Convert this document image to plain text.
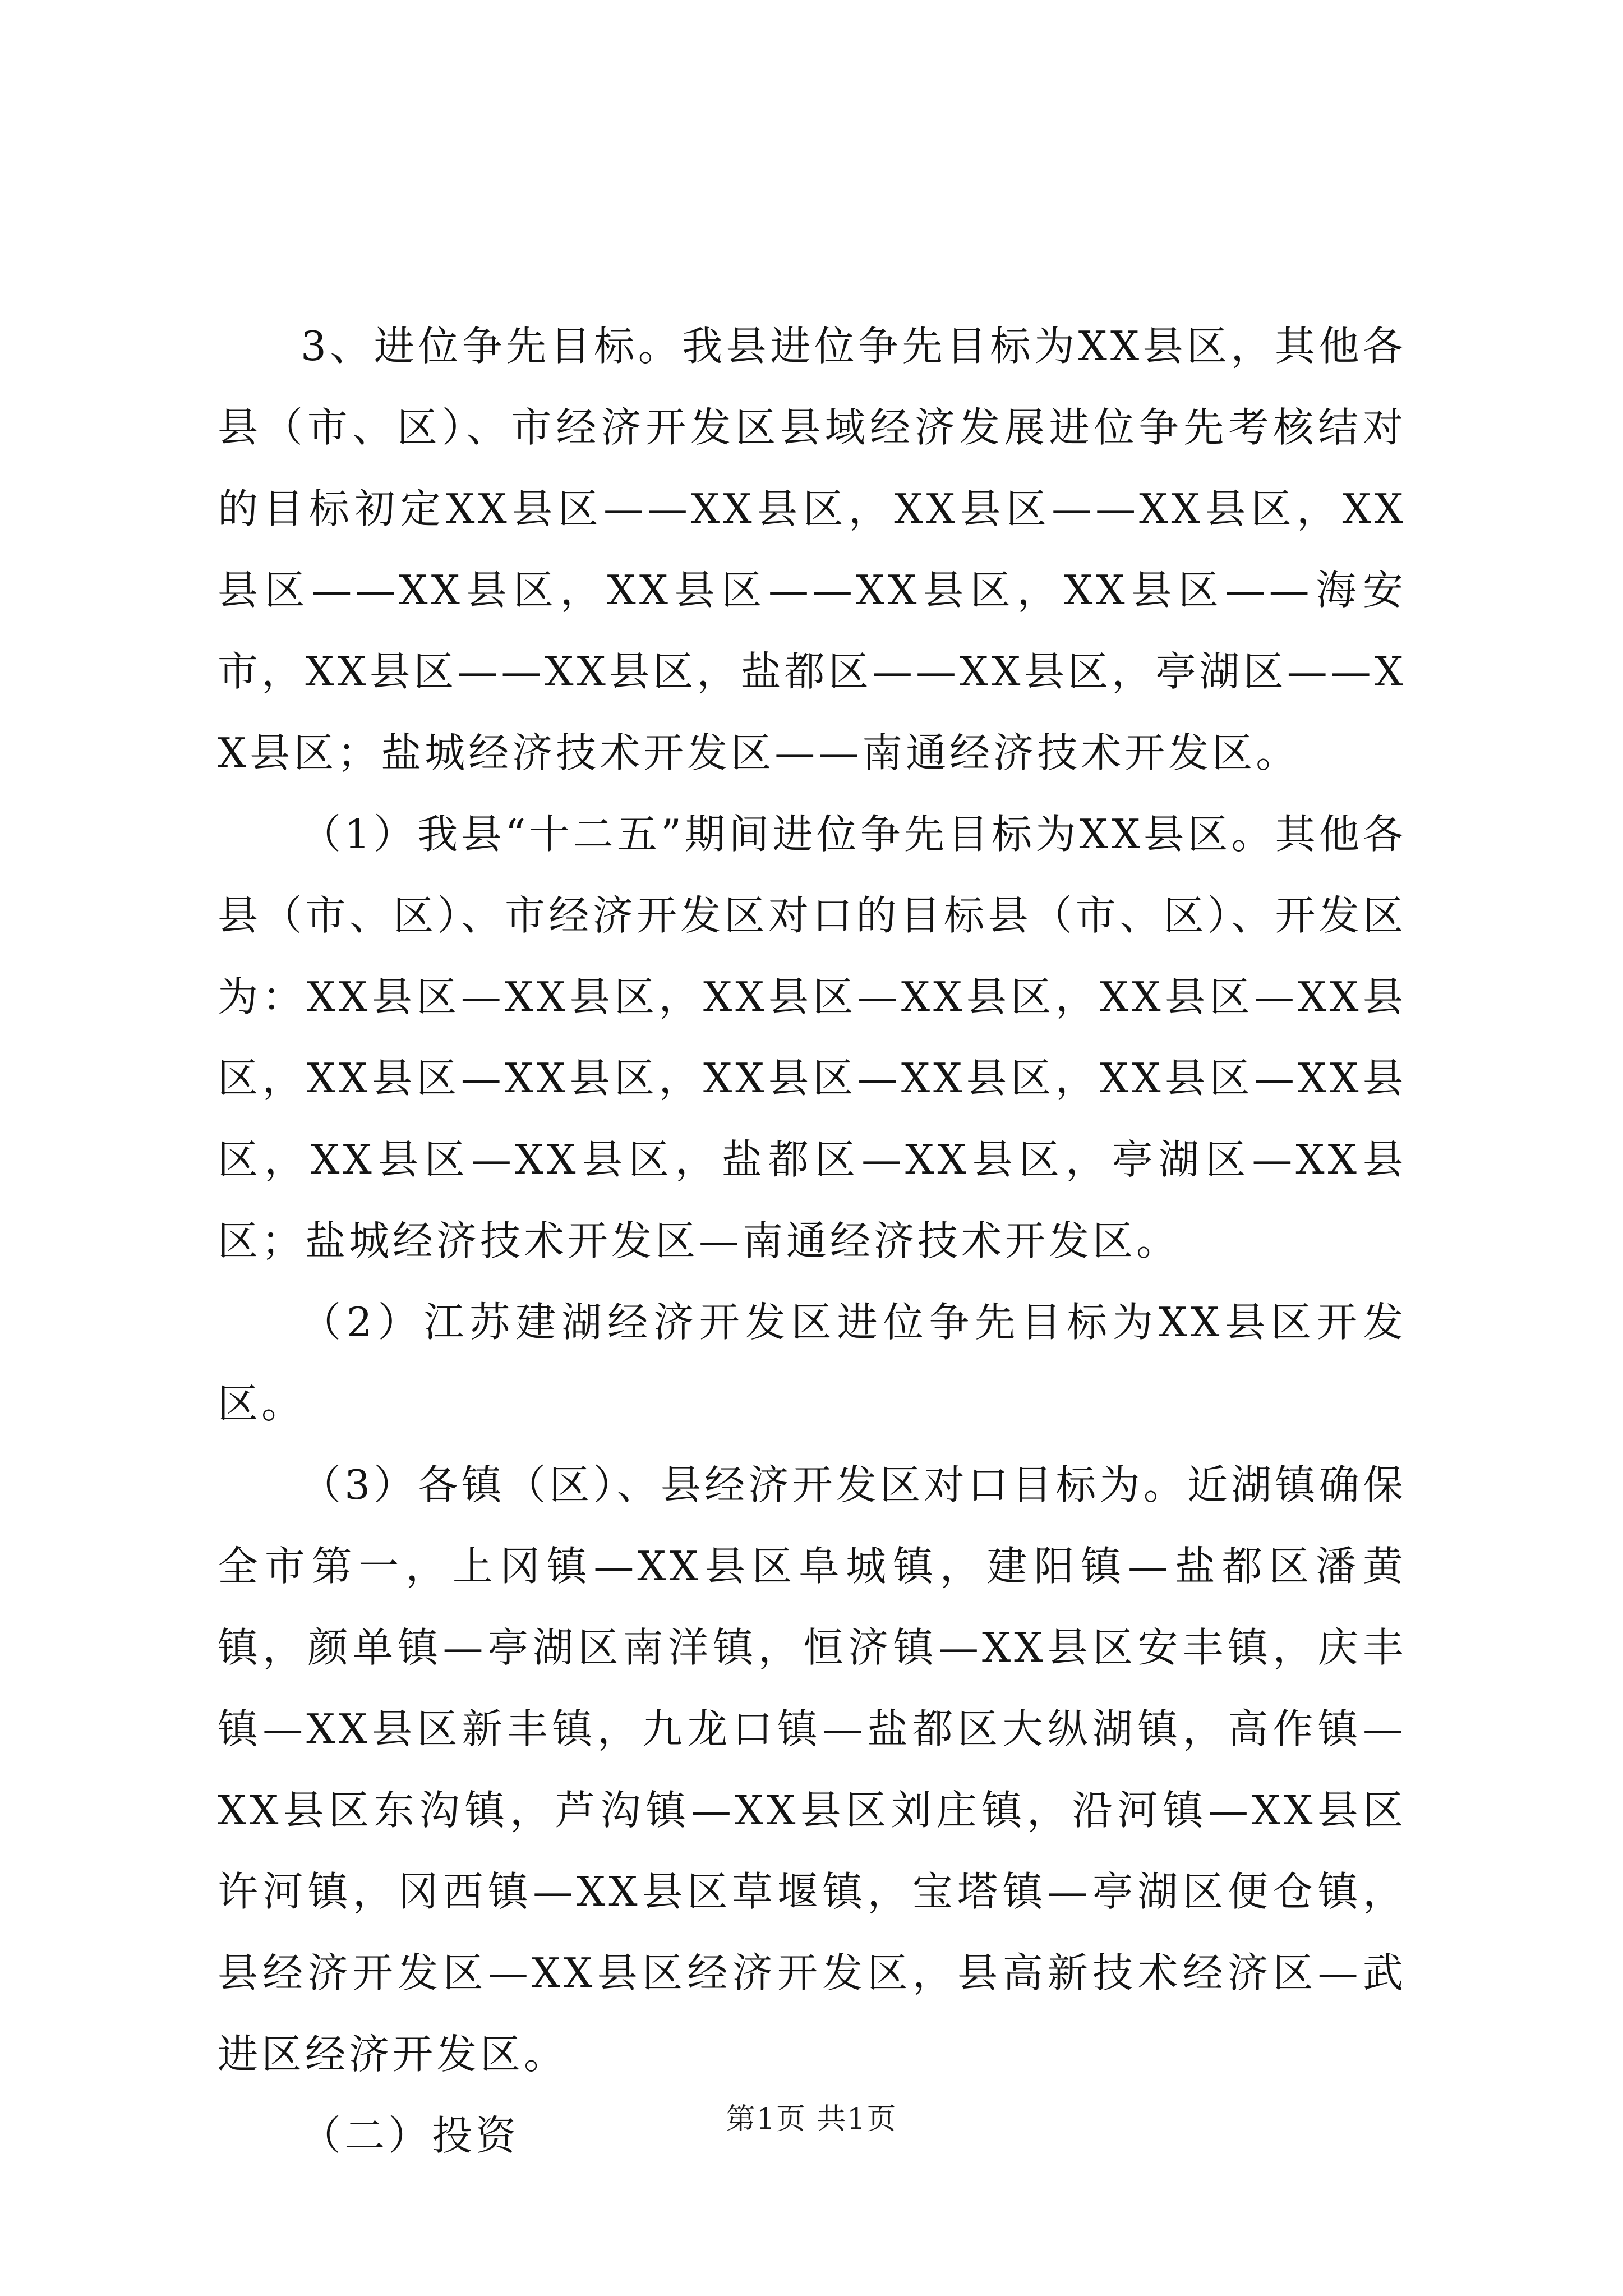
3、进位争先目标。我县进位争先目标为XX县区，其他各县（市、区）、市经济开发区县域经济发展进位争先考核结对的目标初定XX县区——XX县区，XX县区——XX县区，XX县区——XX县区，XX县区——XX县区，XX县区——海安市，XX县区——XX县区，盐都区——XX县区，亭湖区——XX县区；盐城经济技术开发区——南通经济技术开发区。

（1）我县“十二五”期间进位争先目标为XX县区。其他各县（市、区）、市经济开发区对口的目标县（市、区）、开发区为：XX县区—XX县区，XX县区—XX县区，XX县区—XX县区，XX县区—XX县区，XX县区—XX县区，XX县区—XX县区，XX县区—XX县区，盐都区—XX县区，亭湖区—XX县区；盐城经济技术开发区—南通经济技术开发区。

（2）江苏建湖经济开发区进位争先目标为XX县区开发区。

（3）各镇（区）、县经济开发区对口目标为。近湖镇确保全市第一，上冈镇—XX县区阜城镇，建阳镇—盐都区潘黄镇，颜单镇—亭湖区南洋镇，恒济镇—XX县区安丰镇，庆丰镇—XX县区新丰镇，九龙口镇—盐都区大纵湖镇，高作镇—XX县区东沟镇，芦沟镇—XX县区刘庄镇，沿河镇—XX县区许河镇，冈西镇—XX县区草堰镇，宝塔镇—亭湖区便仓镇，县经济开发区—XX县区经济开发区，县高新技术经济区—武进区经济开发区。

（二）投资	第1页 共1页
